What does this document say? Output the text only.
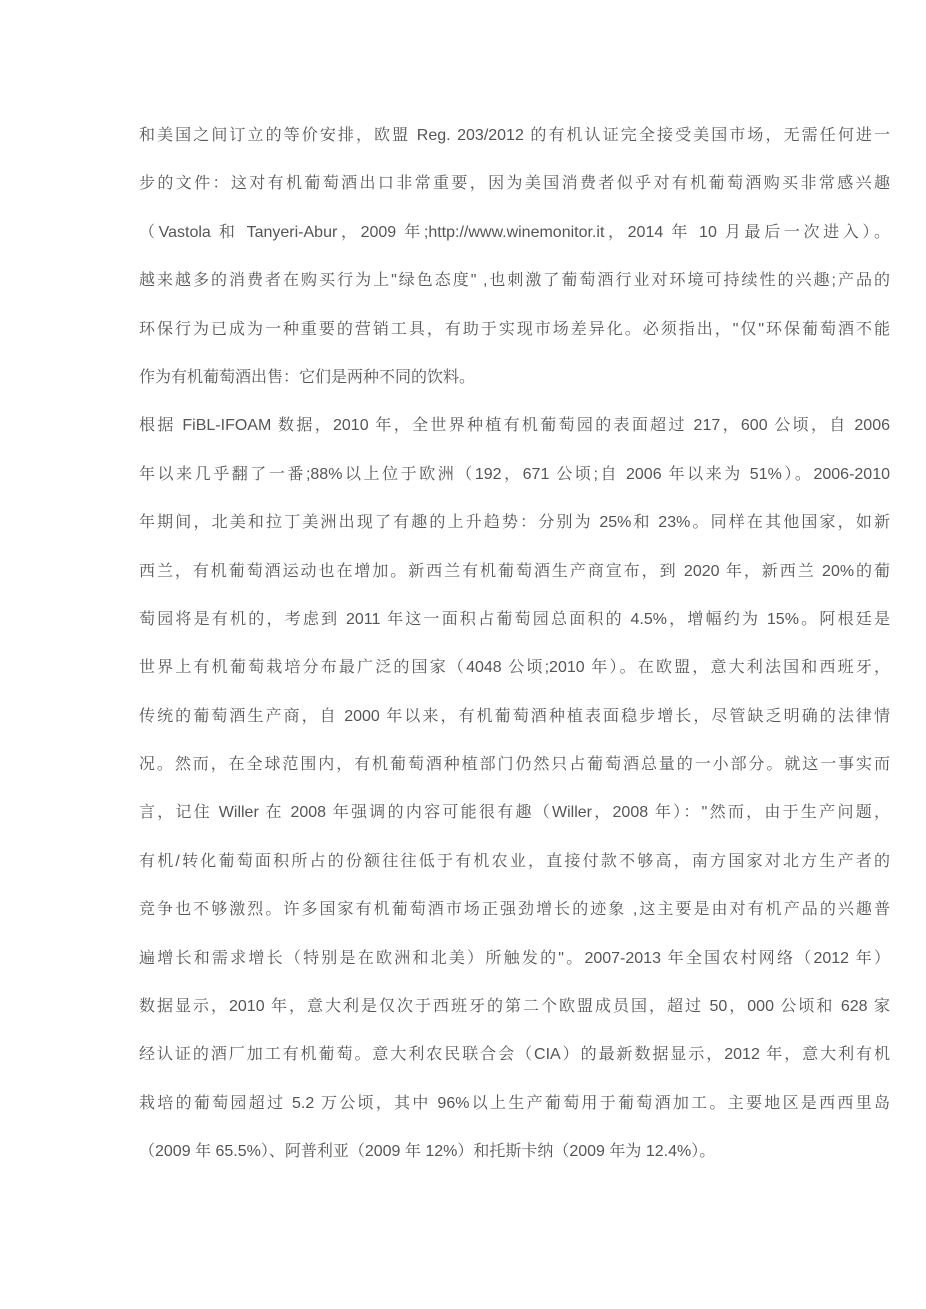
和美国之间订立的等价安排，欧盟 Reg. 203/2012 的有机认证完全接受美国市场，无需任何进一

步的文件：这对有机葡萄酒出口非常重要，因为美国消费者似乎对有机葡萄酒购买非常感兴趣

（Vastola 和 Tanyeri-Abur，2009 年;http://www.winemonitor.it，2014 年 10 月最后一次进入）。

越来越多的消费者在购买行为上"绿色态度" ,也刺激了葡萄酒行业对环境可持续性的兴趣;产品的

环保行为已成为一种重要的营销工具，有助于实现市场差异化。必须指出，"仅"环保葡萄酒不能

作为有机葡萄酒出售：它们是两种不同的饮料。

根据 FiBL-IFOAM 数据，2010 年，全世界种植有机葡萄园的表面超过 217，600 公顷，自 2006

年以来几乎翻了一番;88%以上位于欧洲（192，671 公顷;自 2006 年以来为 51%）。2006-2010

年期间，北美和拉丁美洲出现了有趣的上升趋势：分别为 25%和 23%。同样在其他国家，如新

西兰，有机葡萄酒运动也在增加。新西兰有机葡萄酒生产商宣布，到 2020 年，新西兰 20%的葡

萄园将是有机的，考虑到 2011 年这一面积占葡萄园总面积的 4.5%，增幅约为 15%。阿根廷是

世界上有机葡萄栽培分布最广泛的国家（4048 公顷;2010 年）。在欧盟，意大利法国和西班牙，

传统的葡萄酒生产商，自 2000 年以来，有机葡萄酒种植表面稳步增长，尽管缺乏明确的法律情

况。然而，在全球范围内，有机葡萄酒种植部门仍然只占葡萄酒总量的一小部分。就这一事实而

言，记住 Willer 在 2008 年强调的内容可能很有趣（Willer，2008 年）："然而，由于生产问题，

有机/转化葡萄面积所占的份额往往低于有机农业，直接付款不够高，南方国家对北方生产者的

竞争也不够激烈。许多国家有机葡萄酒市场正强劲增长的迹象 ,这主要是由对有机产品的兴趣普

遍增长和需求增长（特别是在欧洲和北美）所触发的"。2007-2013 年全国农村网络（2012 年）

数据显示，2010 年，意大利是仅次于西班牙的第二个欧盟成员国，超过 50，000 公顷和 628 家

经认证的酒厂加工有机葡萄。意大利农民联合会（CIA）的最新数据显示，2012 年，意大利有机

栽培的葡萄园超过 5.2 万公顷，其中 96%以上生产葡萄用于葡萄酒加工。主要地区是西西里岛

（2009 年 65.5%）、阿普利亚（2009 年 12%）和托斯卡纳（2009 年为 12.4%）。
